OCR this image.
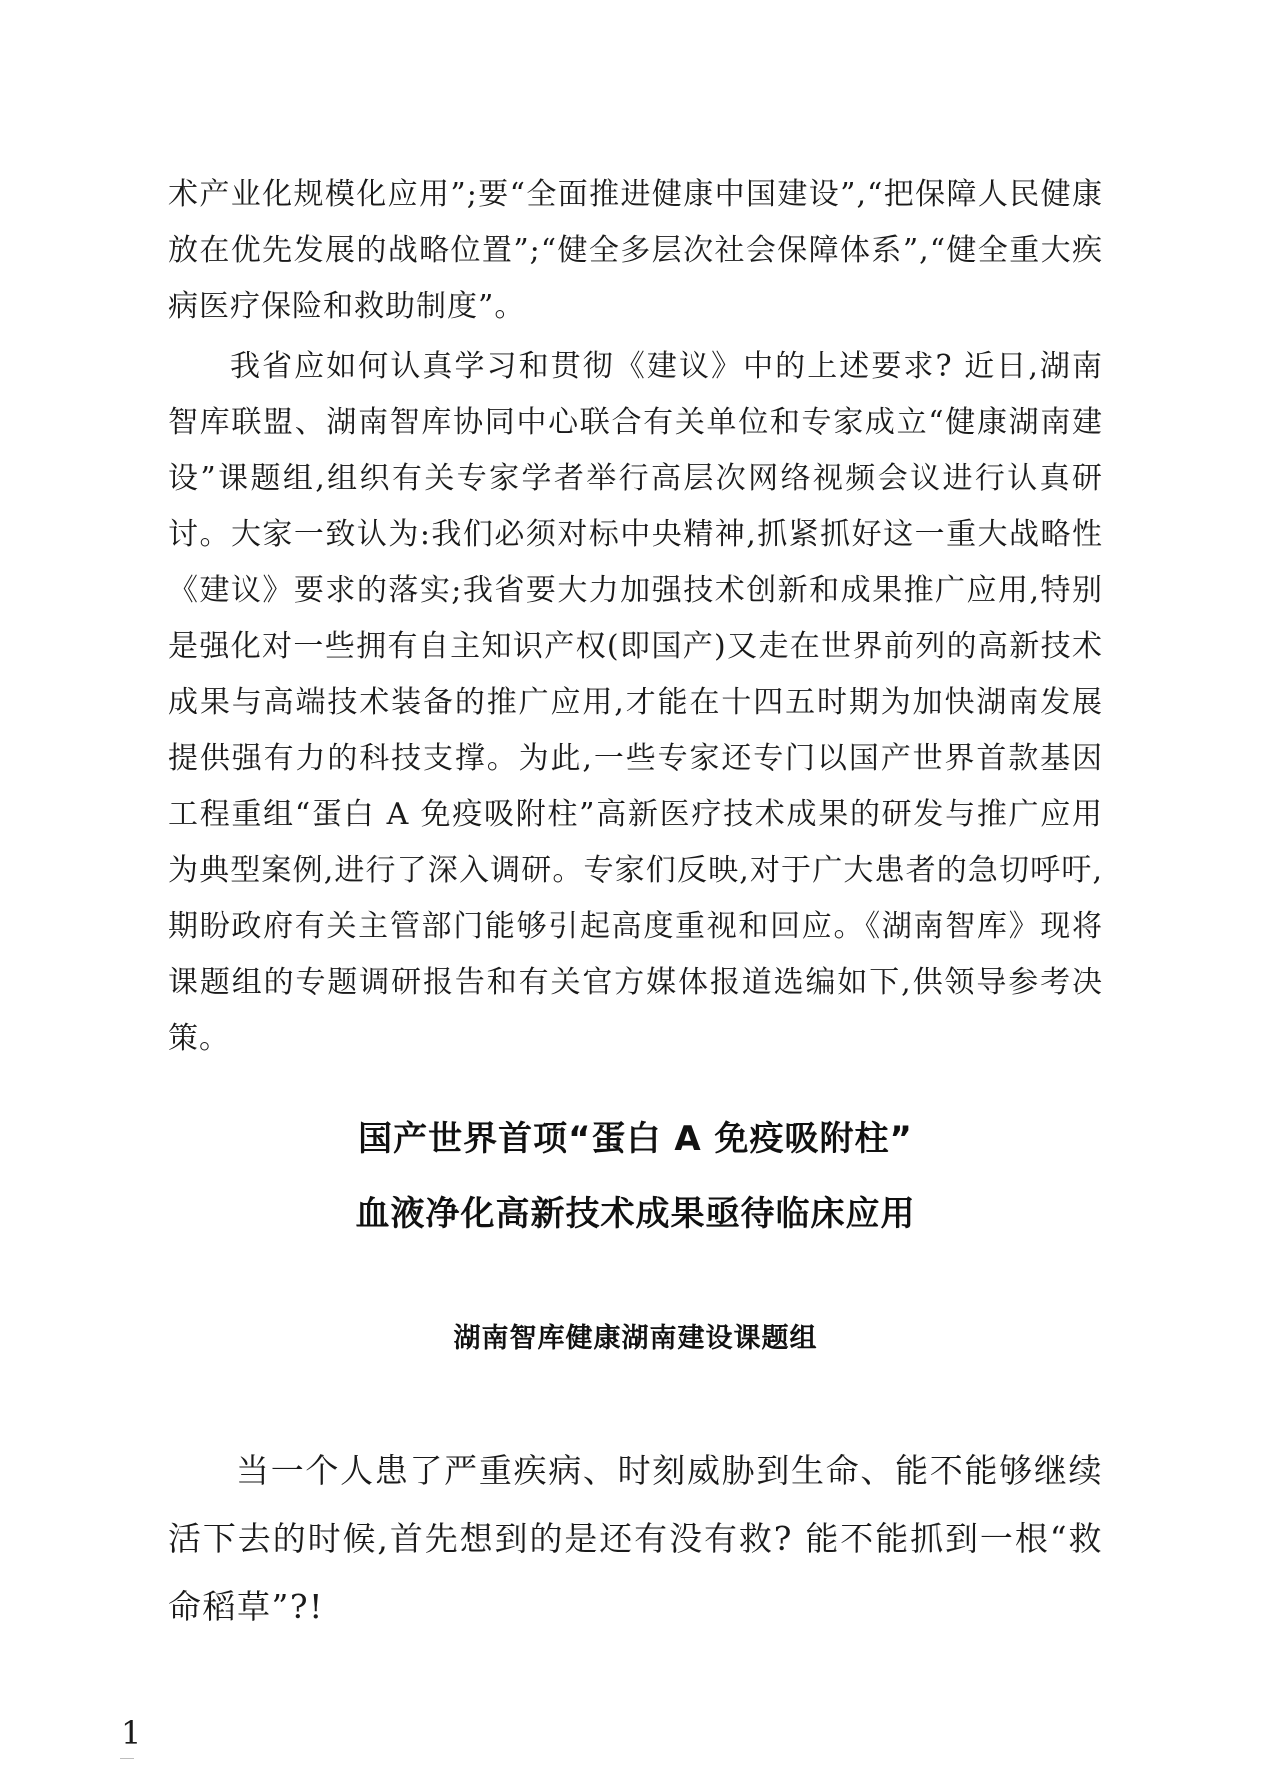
术产业化规模化应用”;要“全面推进健康中国建设”,“把保障人民健康放在优先发展的战略位置”;“健全多层次社会保障体系”,“健全重大疾病医疗保险和救助制度”。

我省应如何认真学习和贯彻《建议》中的上述要求? 近日,湖南智库联盟、湖南智库协同中心联合有关单位和专家成立“健康湖南建设”课题组,组织有关专家学者举行高层次网络视频会议进行认真研讨。大家一致认为:我们必须对标中央精神,抓紧抓好这一重大战略性《建议》要求的落实;我省要大力加强技术创新和成果推广应用,特别是强化对一些拥有自主知识产权(即国产)又走在世界前列的高新技术成果与高端技术装备的推广应用,才能在十四五时期为加快湖南发展提供强有力的科技支撑。为此,一些专家还专门以国产世界首款基因工程重组“蛋白 A 免疫吸附柱”高新医疗技术成果的研发与推广应用为典型案例,进行了深入调研。专家们反映,对于广大患者的急切呼吁,期盼政府有关主管部门能够引起高度重视和回应。《湖南智库》现将课题组的专题调研报告和有关官方媒体报道选编如下,供领导参考决策。

国产世界首项“蛋白 A 免疫吸附柱”
血液净化高新技术成果亟待临床应用

湖南智库健康湖南建设课题组

当一个人患了严重疾病、时刻威胁到生命、能不能够继续活下去的时候,首先想到的是还有没有救? 能不能抓到一根“救命稻草”?!

1
